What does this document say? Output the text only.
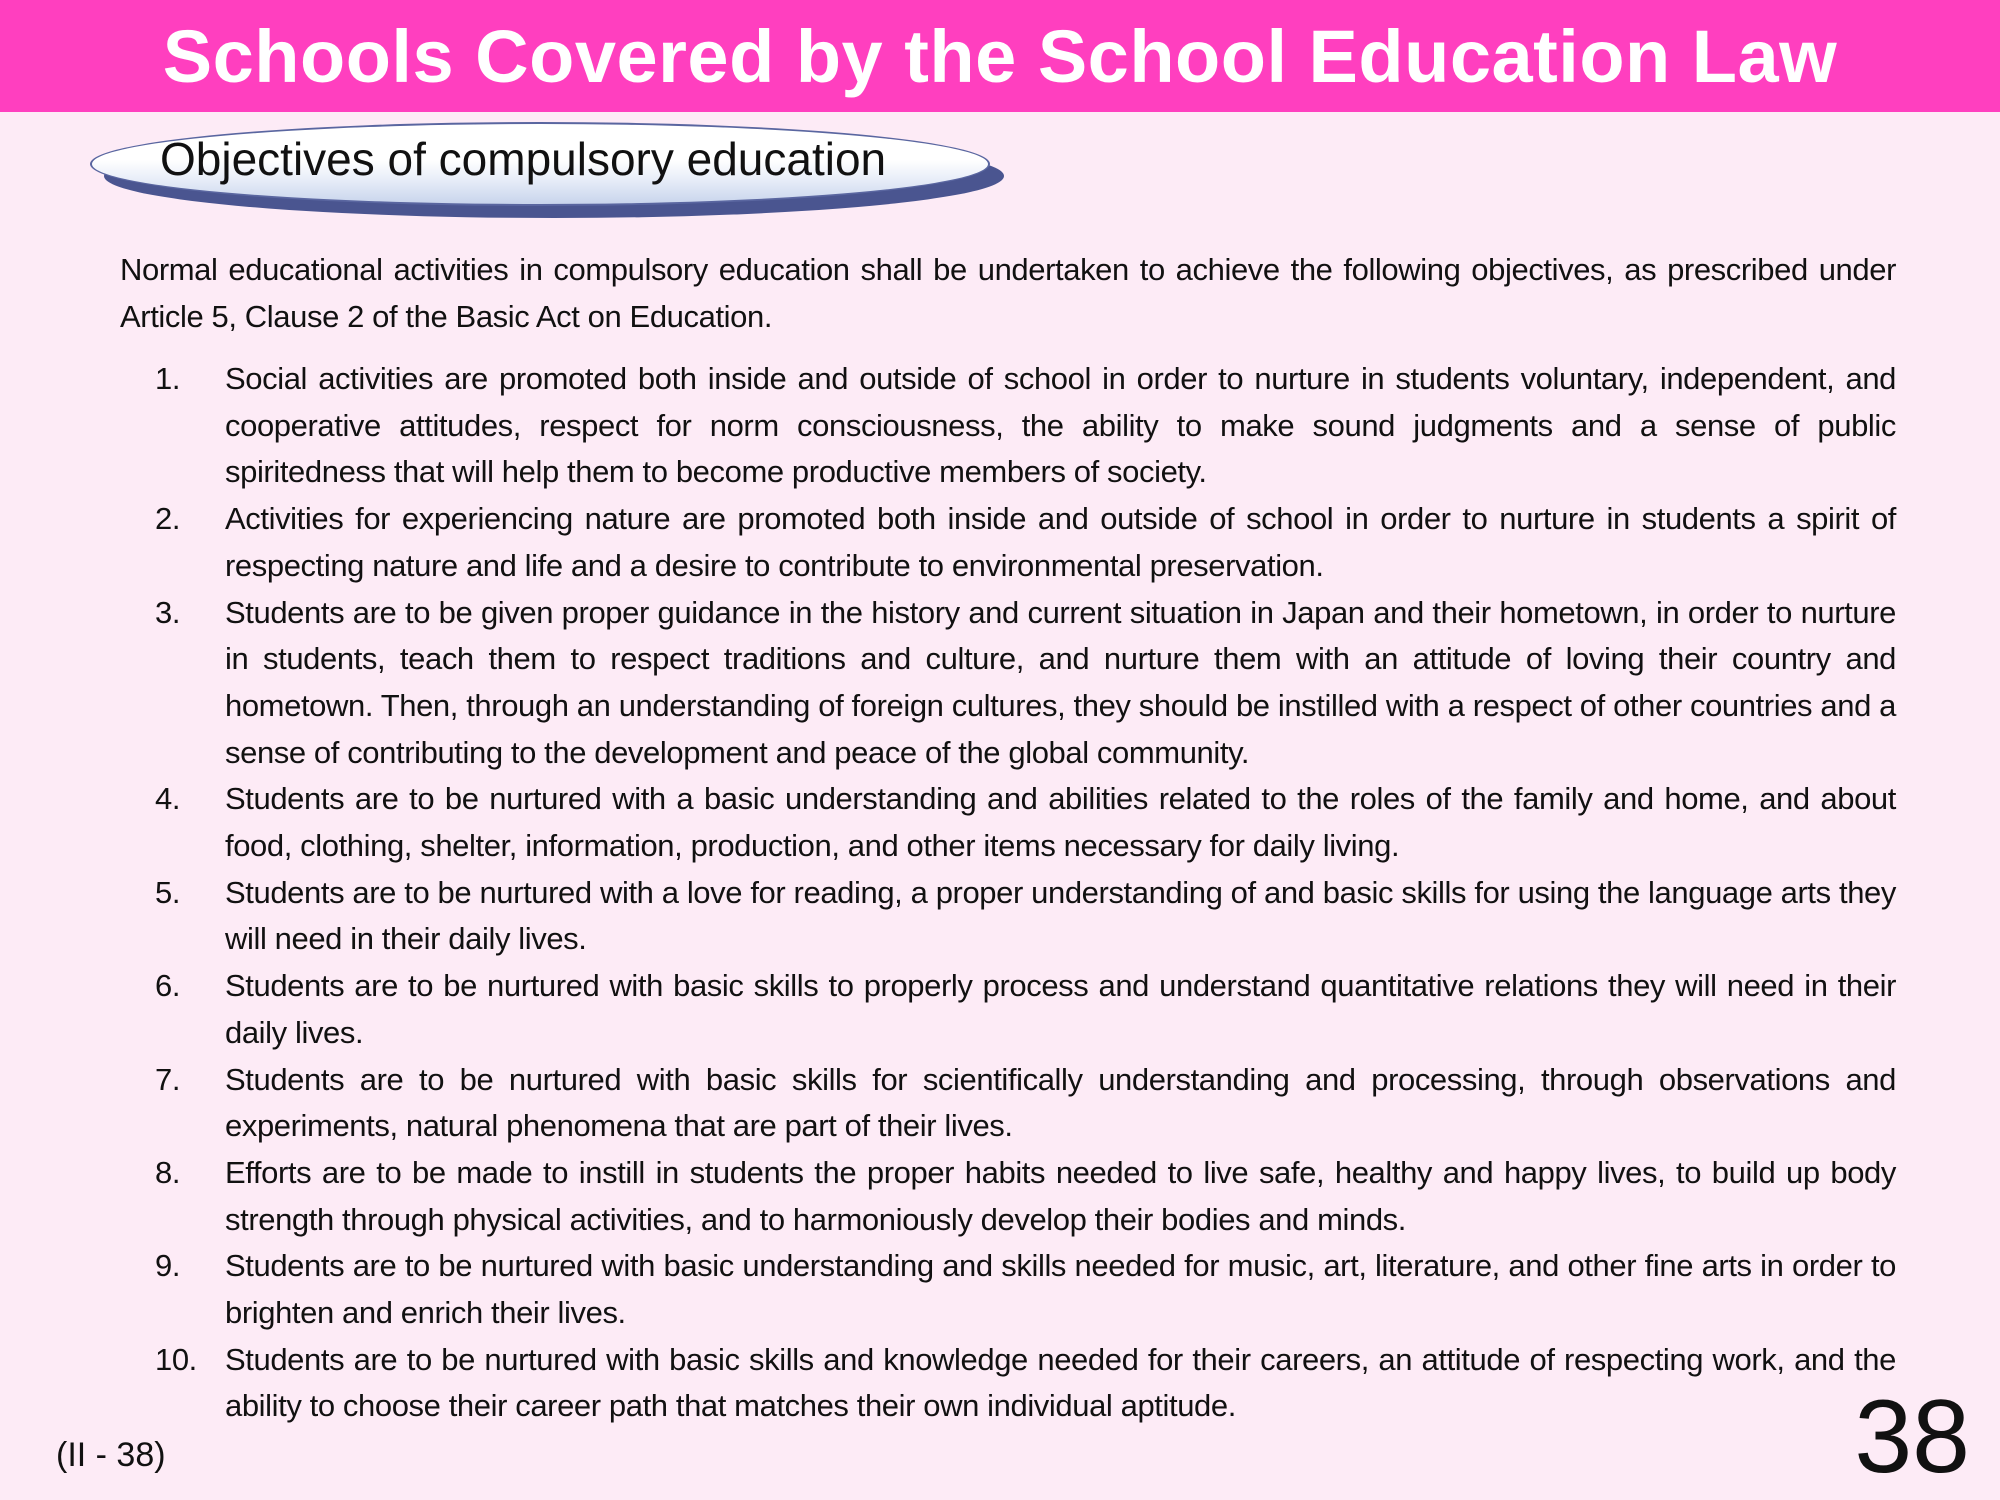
Schools Covered by the School Education Law
Objectives of compulsory education

Normal educational activities in compulsory education shall be undertaken to achieve the following objectives, as prescribed under Article 5, Clause 2 of the Basic Act on Education.

1.	Social activities are promoted both inside and outside of school in order to nurture in students voluntary, independent, and cooperative attitudes, respect for norm consciousness, the ability to make sound judgments and a sense of public spiritedness that will help them to become productive members of society.
2.	Activities for experiencing nature are promoted both inside and outside of school in order to nurture in students a spirit of respecting nature and life and a desire to contribute to environmental preservation.
3.	Students are to be given proper guidance in the history and current situation in Japan and their hometown, in order to nurture in students, teach them to respect traditions and culture, and nurture them with an attitude of loving their country and hometown. Then, through an understanding of foreign cultures, they should be instilled with a respect of other countries and a sense of contributing to the development and peace of the global community.
4.	Students are to be nurtured with a basic understanding and abilities related to the roles of the family and home, and about food, clothing, shelter, information, production, and other items necessary for daily living.
5.	Students are to be nurtured with a love for reading, a proper understanding of and basic skills for using the language arts they will need in their daily lives.
6.	Students are to be nurtured with basic skills to properly process and understand quantitative relations they will need in their daily lives.
7.	Students are to be nurtured with basic skills for scientifically understanding and processing, through observations and experiments, natural phenomena that are part of their lives.
8.	Efforts are to be made to instill in students the proper habits needed to live safe, healthy and happy lives, to build up body strength through physical activities, and to harmoniously develop their bodies and minds.
9.	Students are to be nurtured with basic understanding and skills needed for music, art, literature, and other fine arts in order to brighten and enrich their lives.
10. Students are to be nurtured with basic skills and knowledge needed for their careers, an attitude of respecting work, and the ability to choose their career path that matches their own individual aptitude.
(II - 38)	38
